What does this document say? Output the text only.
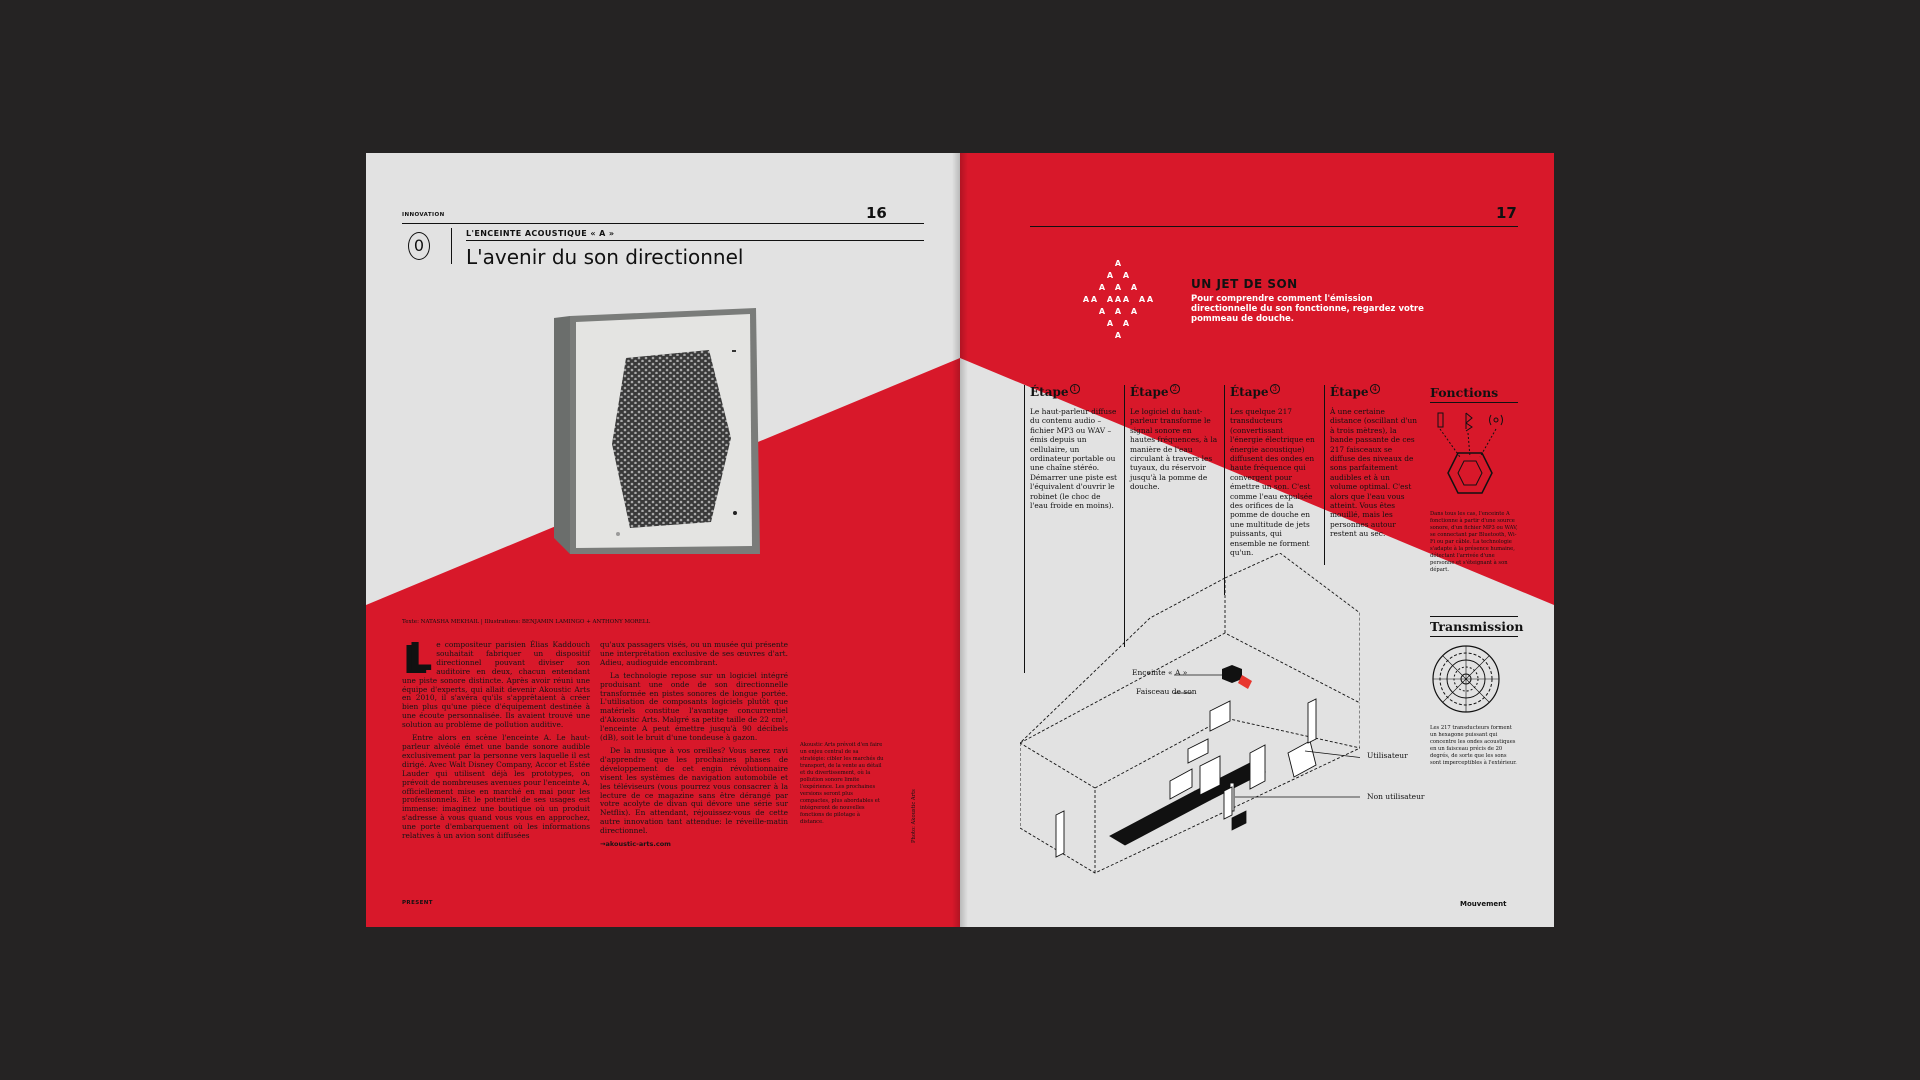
INNOVATION	16
0
L'ENCEINTE ACOUSTIQUE « A »
L'avenir du son directionnel
Texte: NATASHA MEKHAIL | Illustrations: BENJAMIN LAMINGO + ANTHONY MORELL
L e compositeur parisien Élias Kaddouch souhaitait fabriquer un dispositif directionnel pouvant diviser son auditoire en deux, chacun entendant une piste sonore distincte. Après avoir réuni une équipe d'experts, qui allait devenir Akoustic Arts en 2010, il s'avéra qu'ils s'apprêtaient à créer bien plus qu'une pièce d'équipement destinée à une écoute personnalisée. Ils avaient trouvé une solution au problème de pollution auditive.

Entre alors en scène l'enceinte A. Le haut-parleur alvéolé émet une bande sonore audible exclusivement par la personne vers laquelle il est dirigé. Avec Walt Disney Company, Accor et Estée Lauder qui utilisent déjà les prototypes, on prévoit de nombreuses avenues pour l'enceinte A, officiellement mise en marché en mai pour les professionnels. Et le potentiel de ses usages est immense: imaginez une boutique où un produit s'adresse à vous quand vous vous en approchez, une porte d'embarquement où les informations relatives à un avion sont diffusées

qu'aux passagers visés, ou un musée qui présente une interprétation exclusive de ses œuvres d'art. Adieu, audioguide encombrant.

La technologie repose sur un logiciel intégré produisant une onde de son directionnelle transformée en pistes sonores de longue portée. L'utilisation de composants logiciels plutôt que matériels constitue l'avantage concurrentiel d'Akoustic Arts. Malgré sa petite taille de 22 cm², l'enceinte A peut émettre jusqu'à 90 décibels (dB), soit le bruit d'une tondeuse à gazon.

De la musique à vos oreilles? Vous serez ravi d'apprendre que les prochaines phases de développement de cet engin révolutionnaire visent les systèmes de navigation automobile et les téléviseurs (vous pourrez vous consacrer à la lecture de ce magazine sans être dérangé par votre acolyte de divan qui dévore une série sur Netflix). En attendant, réjouissez-vous de cette autre innovation tant attendue: le réveille-matin directionnel.

→akoustic-arts.com

Akoustic Arts prévoit d'en faire un enjeu central de sa stratégie: cibler les marchés du transport, de la vente au détail et du divertissement, où la pollution sonore limite l'expérience. Les prochaines versions seront plus compactes, plus abordables et intégreront de nouvelles fonctions de pilotage à distance.	Photo: Akoustic Arts
PRESENT
17
A
A A
A A A
A A A A A A A
A A A
A A
A
UN JET DE SON
Pour comprendre comment l'émission directionnelle du son fonctionne, regardez votre pommeau de douche.
Étape $^1$

Le haut-parleur diffuse du contenu audio – fichier MP3 ou WAV – émis depuis un cellulaire, un ordinateur portable ou une chaîne stéréo. Démarrer une piste est l'équivalent d'ouvrir le robinet (le choc de l'eau froide en moins).

Étape $^2$

Le logiciel du haut-parleur transforme le signal sonore en hautes fréquences, à la manière de l'eau circulant à travers les tuyaux, du réservoir jusqu'à la pomme de douche.

Étape $^3$

Les quelque 217 transducteurs (convertissant l'énergie électrique en énergie acoustique) diffusent des ondes en haute fréquence qui convergent pour émettre un son. C'est comme l'eau expulsée des orifices de la pomme de douche en une multitude de jets puissants, qui ensemble ne forment qu'un.

Étape $^4$

À une certaine distance (oscillant d'un à trois mètres), la bande passante de ces 217 faisceaux se diffuse des niveaux de sons parfaitement audibles et à un volume optimal. C'est alors que l'eau vous atteint. Vous êtes mouillé, mais les personnes autour restent au sec.

Fonctions

Dans tous les cas, l'enceinte A fonctionne à partir d'une source sonore, d'un fichier MP3 ou WAV, se connectant par Bluetooth, Wi-Fi ou par câble. La technologie s'adapte à la présence humaine, détectant l'arrivée d'une personne et s'éteignant à son départ.

Transmission

Les 217 transducteurs forment un hexagone puissant qui concentre les ondes acoustiques en un faisceau précis de 20 degrés, de sorte que les sons sont imperceptibles à l'extérieur.
Enceinte « A »
Faisceau de son
Utilisateur
Non utilisateur
Mouvement
